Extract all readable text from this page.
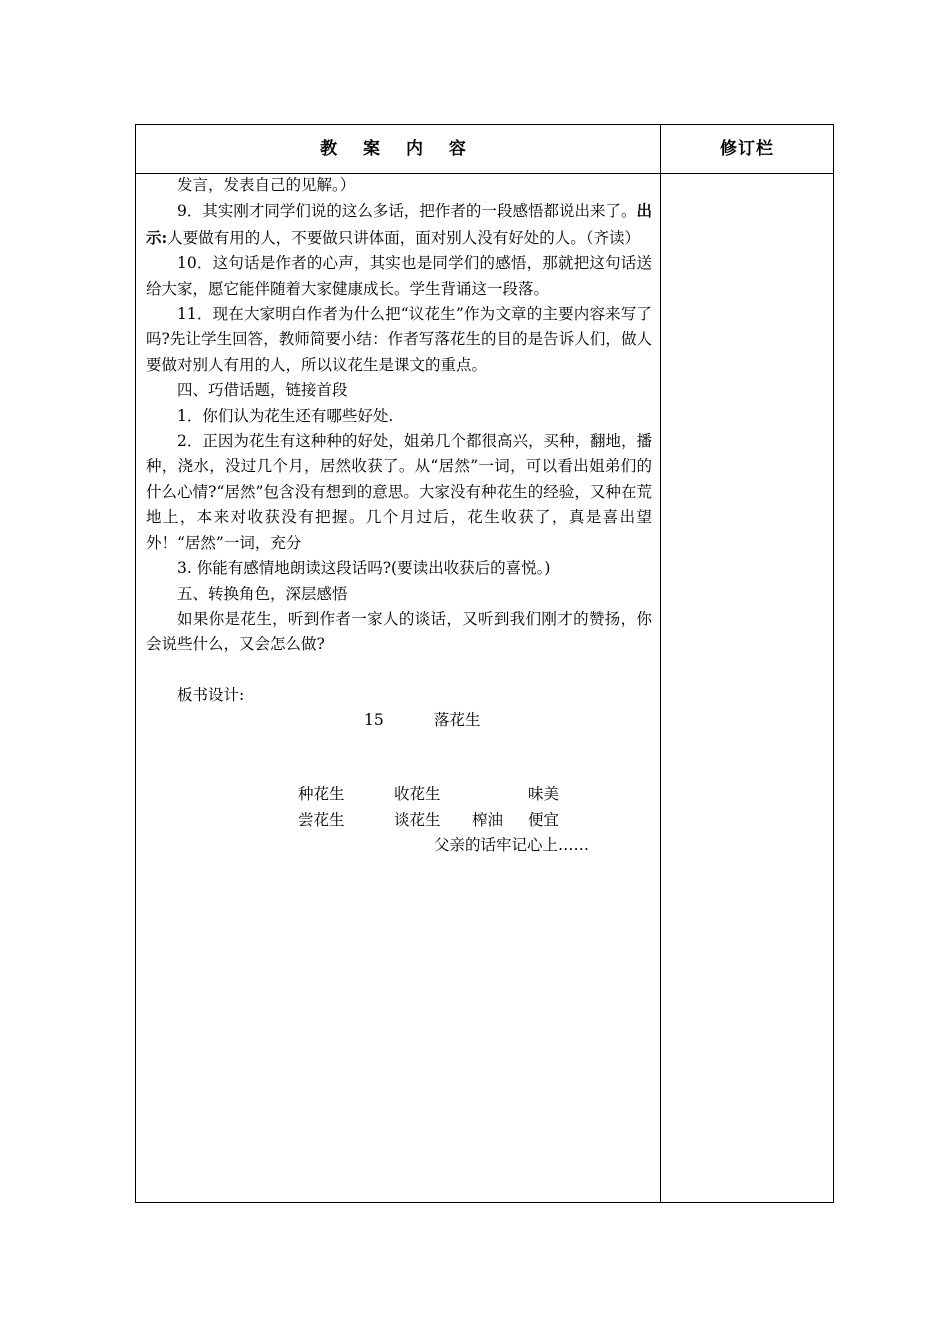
教 案 内 容	修订栏

发言，发表自己的见解。）

9．其实刚才同学们说的这么多话，把作者的一段感悟都说出来了。出示:人要做有用的人，不要做只讲体面，面对别人没有好处的人。（齐读）

10．这句话是作者的心声，其实也是同学们的感悟，那就把这句话送给大家，愿它能伴随着大家健康成长。学生背诵这一段落。

11．现在大家明白作者为什么把“议花生”作为文章的主要内容来写了吗?先让学生回答，教师简要小结：作者写落花生的目的是告诉人们，做人要做对别人有用的人，所以议花生是课文的重点。

四、巧借话题，链接首段

1．你们认为花生还有哪些好处.

2．正因为花生有这种种的好处，姐弟几个都很高兴，买种，翻地，播种，浇水，没过几个月，居然收获了。从“居然”一词，可以看出姐弟们的什么心情?“居然”包含没有想到的意思。大家没有种花生的经验，又种在荒地上，本来对收获没有把握。几个月过后，花生收获了，真是喜出望外！“居然”一词，充分

3. 你能有感情地朗读这段话吗?(要读出收获后的喜悦。)

五、转换角色，深层感悟

如果你是花生，听到作者一家人的谈话，又听到我们刚才的赞扬，你会说些什么，又会怎么做?

板书设计:

15	落花生
种花生	收花生	味美
尝花生	谈花生 榨油 便宜
父亲的话牢记心上……
